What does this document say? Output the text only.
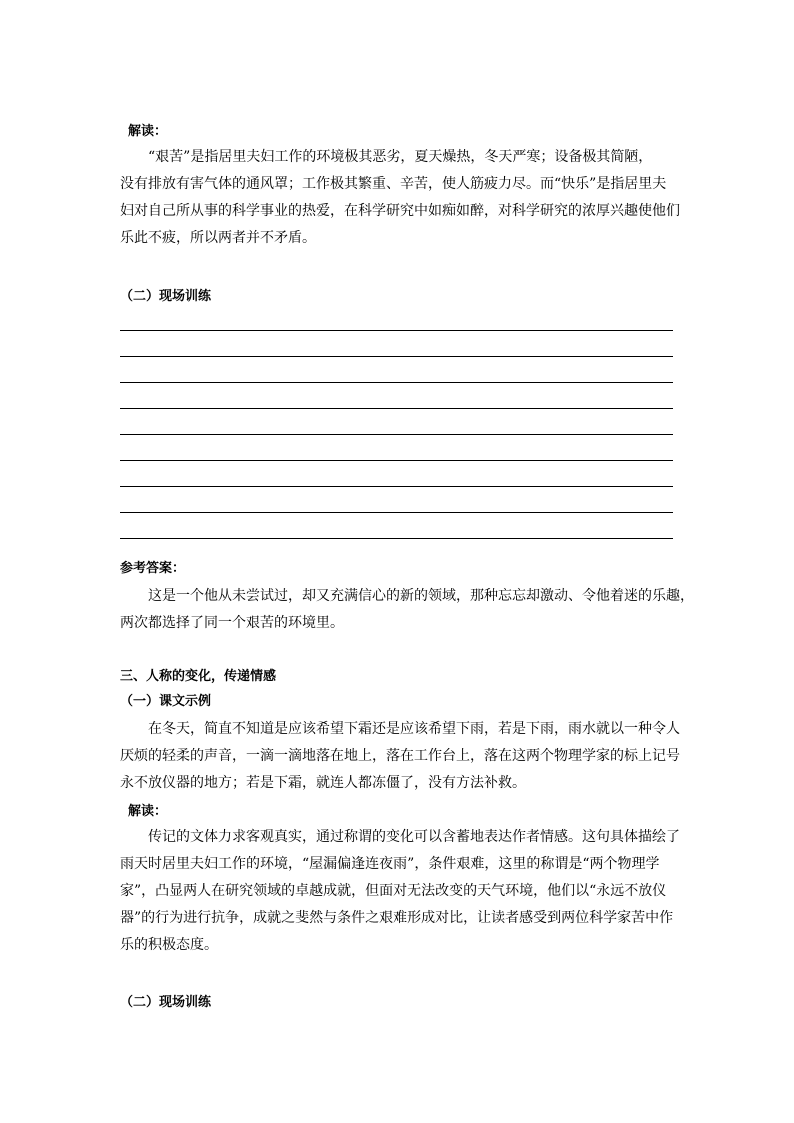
解读：
“艰苦”是指居里夫妇工作的环境极其恶劣，夏天燥热，冬天严寒；设备极其简陋，
没有排放有害气体的通风罩；工作极其繁重、辛苦，使人筋疲力尽。而“快乐”是指居里夫
妇对自己所从事的科学事业的热爱，在科学研究中如痴如醉，对科学研究的浓厚兴趣使他们
乐此不疲，所以两者并不矛盾。
（二）现场训练
参考答案：
这是一个他从未尝试过，却又充满信心的新的领域，那种忘忘却激动、令他着迷的乐趣，
两次都选择了同一个艰苦的环境里。
三、人称的变化，传递情感
（一）课文示例
在冬天，简直不知道是应该希望下霜还是应该希望下雨，若是下雨，雨水就以一种令人
厌烦的轻柔的声音，一滴一滴地落在地上，落在工作台上，落在这两个物理学家的标上记号
永不放仪器的地方；若是下霜，就连人都冻僵了，没有方法补救。
解读：
传记的文体力求客观真实，通过称谓的变化可以含蓄地表达作者情感。这句具体描绘了
雨天时居里夫妇工作的环境，“屋漏偏逢连夜雨”，条件艰难，这里的称谓是“两个物理学
家”，凸显两人在研究领域的卓越成就，但面对无法改变的天气环境，他们以“永远不放仪
器”的行为进行抗争，成就之斐然与条件之艰难形成对比，让读者感受到两位科学家苦中作
乐的积极态度。
（二）现场训练
